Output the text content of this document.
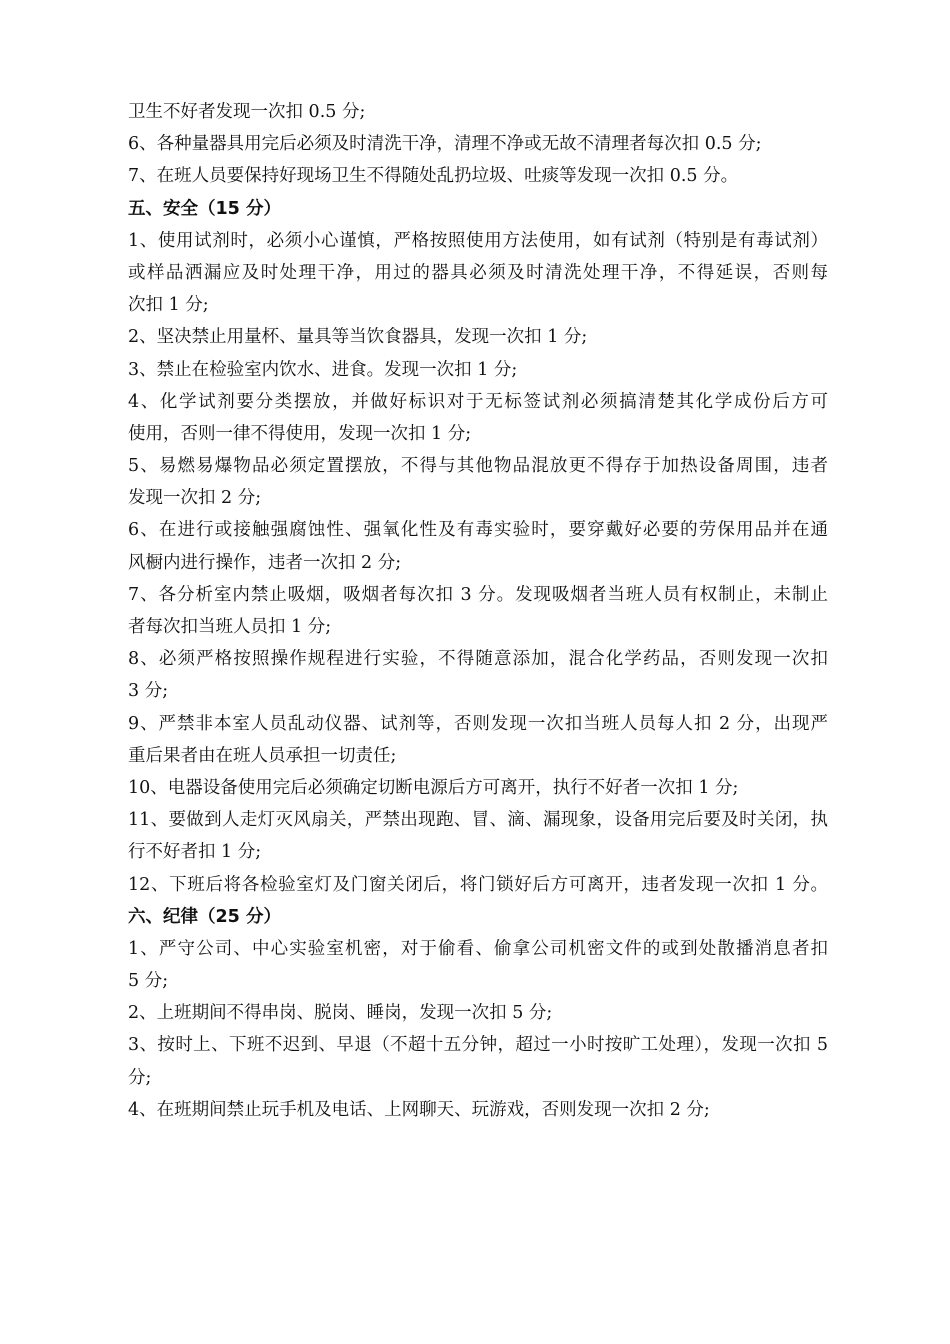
卫生不好者发现一次扣 0.5 分;
6、各种量器具用完后必须及时清洗干净，清理不净或无故不清理者每次扣 0.5 分;
7、在班人员要保持好现场卫生不得随处乱扔垃圾、吐痰等发现一次扣 0.5 分。
五、安全（15 分）
1、使用试剂时，必须小心谨慎，严格按照使用方法使用，如有试剂（特别是有毒试剂）
或样品洒漏应及时处理干净，用过的器具必须及时清洗处理干净，不得延误，否则每
次扣 1 分;
2、坚决禁止用量杯、量具等当饮食器具，发现一次扣 1 分;
3、禁止在检验室内饮水、进食。发现一次扣 1 分;
4、化学试剂要分类摆放，并做好标识对于无标签试剂必须搞清楚其化学成份后方可
使用，否则一律不得使用，发现一次扣 1 分;
5、易燃易爆物品必须定置摆放，不得与其他物品混放更不得存于加热设备周围，违者
发现一次扣 2 分;
6、在进行或接触强腐蚀性、强氧化性及有毒实验时，要穿戴好必要的劳保用品并在通
风橱内进行操作，违者一次扣 2 分;
7、各分析室内禁止吸烟，吸烟者每次扣 3 分。发现吸烟者当班人员有权制止，未制止
者每次扣当班人员扣 1 分;
8、必须严格按照操作规程进行实验，不得随意添加，混合化学药品，否则发现一次扣
3 分;
9、严禁非本室人员乱动仪器、试剂等，否则发现一次扣当班人员每人扣 2 分，出现严
重后果者由在班人员承担一切责任;
10、电器设备使用完后必须确定切断电源后方可离开，执行不好者一次扣 1 分;
11、要做到人走灯灭风扇关，严禁出现跑、冒、滴、漏现象，设备用完后要及时关闭，执
行不好者扣 1 分;
12、下班后将各检验室灯及门窗关闭后，将门锁好后方可离开，违者发现一次扣 1 分。
六、纪律（25 分）
1、严守公司、中心实验室机密，对于偷看、偷拿公司机密文件的或到处散播消息者扣
5 分;
2、上班期间不得串岗、脱岗、睡岗，发现一次扣 5 分;
3、按时上、下班不迟到、早退（不超十五分钟，超过一小时按旷工处理），发现一次扣 5
分;
4、在班期间禁止玩手机及电话、上网聊天、玩游戏，否则发现一次扣 2 分;
